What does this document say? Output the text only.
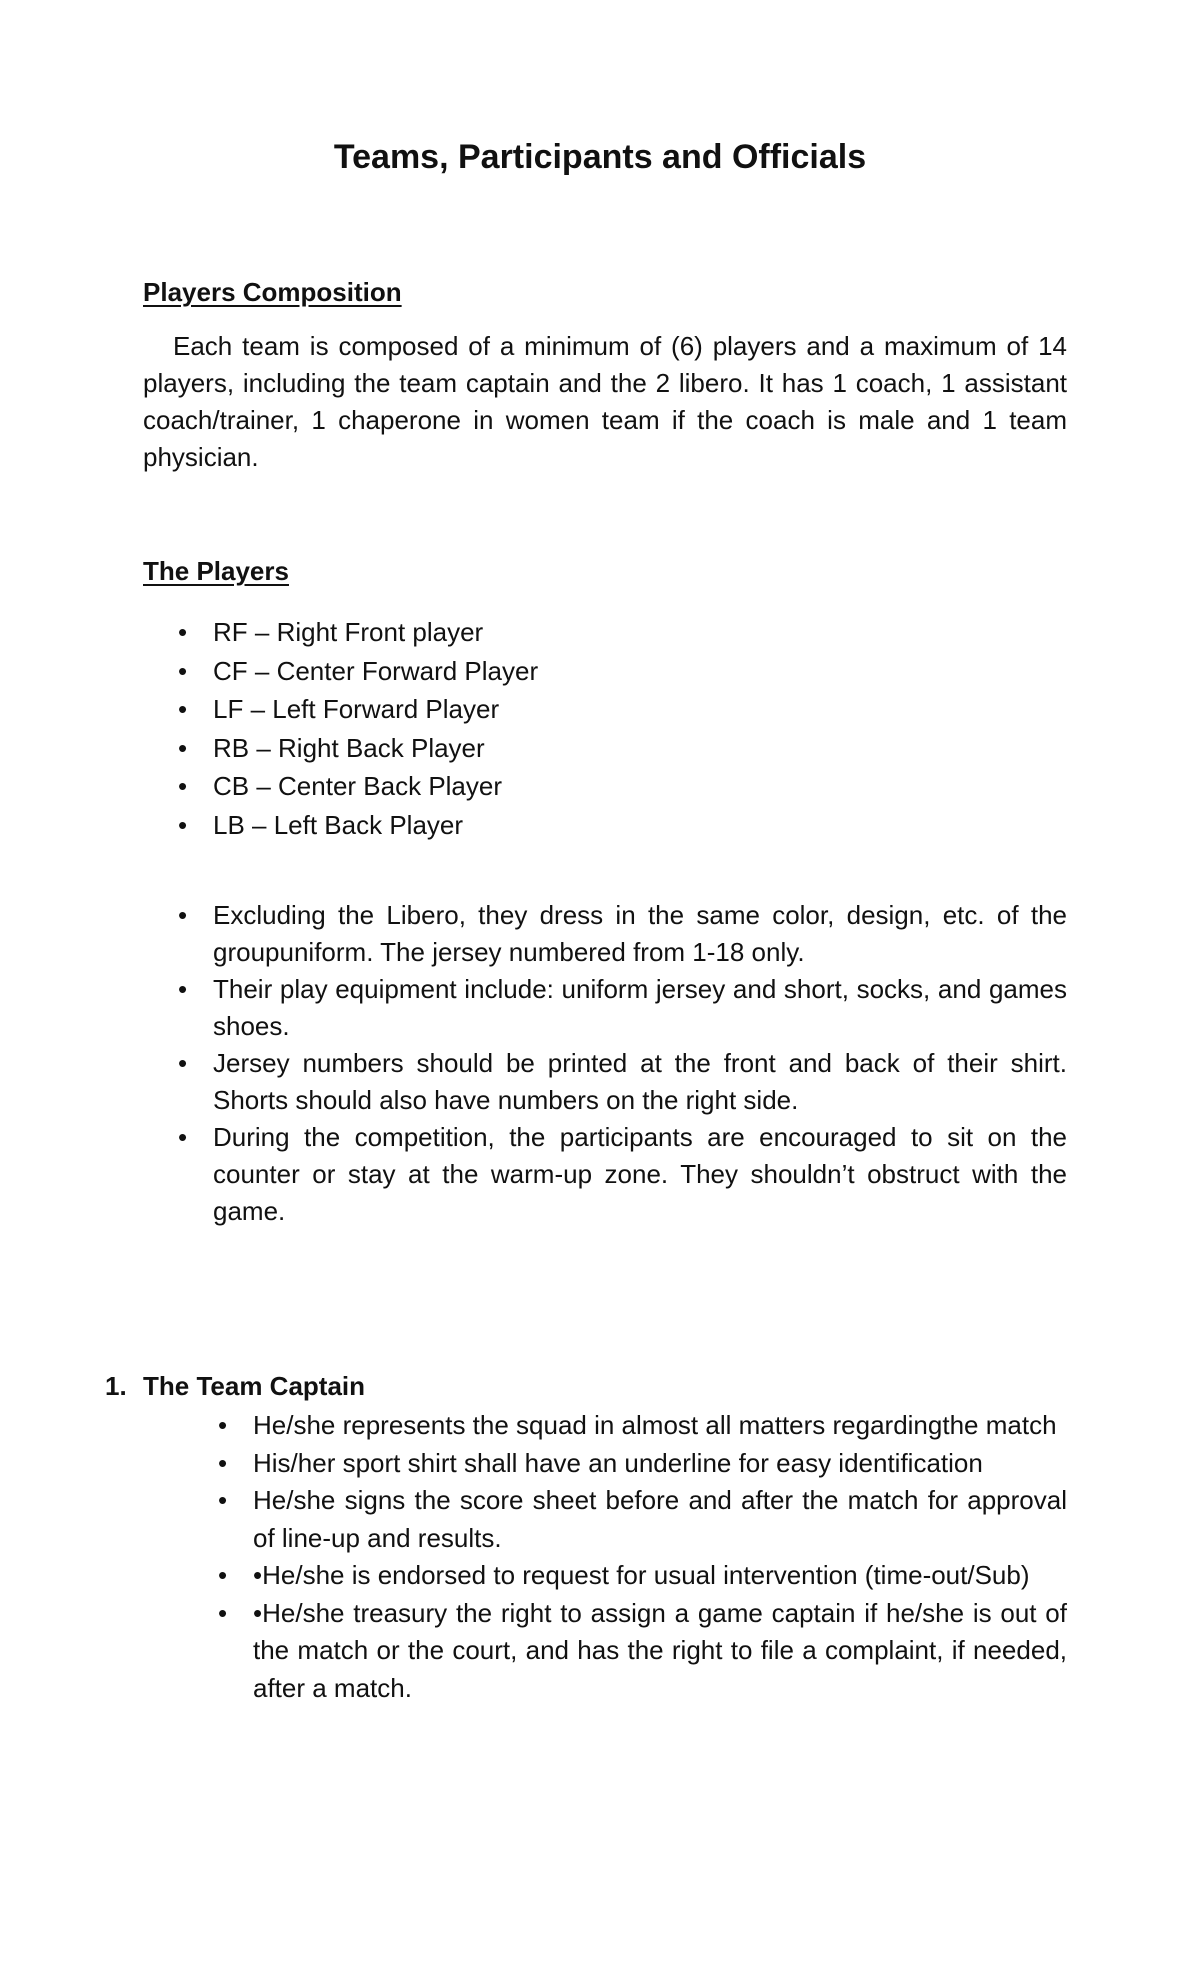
Teams, Participants and Officials
Players Composition

Each team is composed of a minimum of (6) players and a maximum of 14 players, including the team captain and the 2 libero. It has 1 coach, 1 assistant coach/trainer, 1 chaperone in women team if the coach is male and 1 team physician.

The Players
• RF – Right Front player
• CF – Center Forward Player
• LF – Left Forward Player
• RB – Right Back Player
• CB – Center Back Player
• LB – Left Back Player
• Excluding the Libero, they dress in the same color, design, etc. of the groupuniform. The jersey numbered from 1-18 only.
• Their play equipment include: uniform jersey and short, socks, and games shoes.
• Jersey numbers should be printed at the front and back of their shirt. Shorts should also have numbers on the right side.
• During the competition, the participants are encouraged to sit on the counter or stay at the warm-up zone. They shouldn’t obstruct with the game.
1. The Team Captain
• He/she represents the squad in almost all matters regardingthe match
• His/her sport shirt shall have an underline for easy identification
• He/she signs the score sheet before and after the match for approval of line-up and results.
• •He/she is endorsed to request for usual intervention (time-out/Sub)
• •He/she treasury the right to assign a game captain if he/she is out of the match or the court, and has the right to file a complaint, if needed, after a match.
